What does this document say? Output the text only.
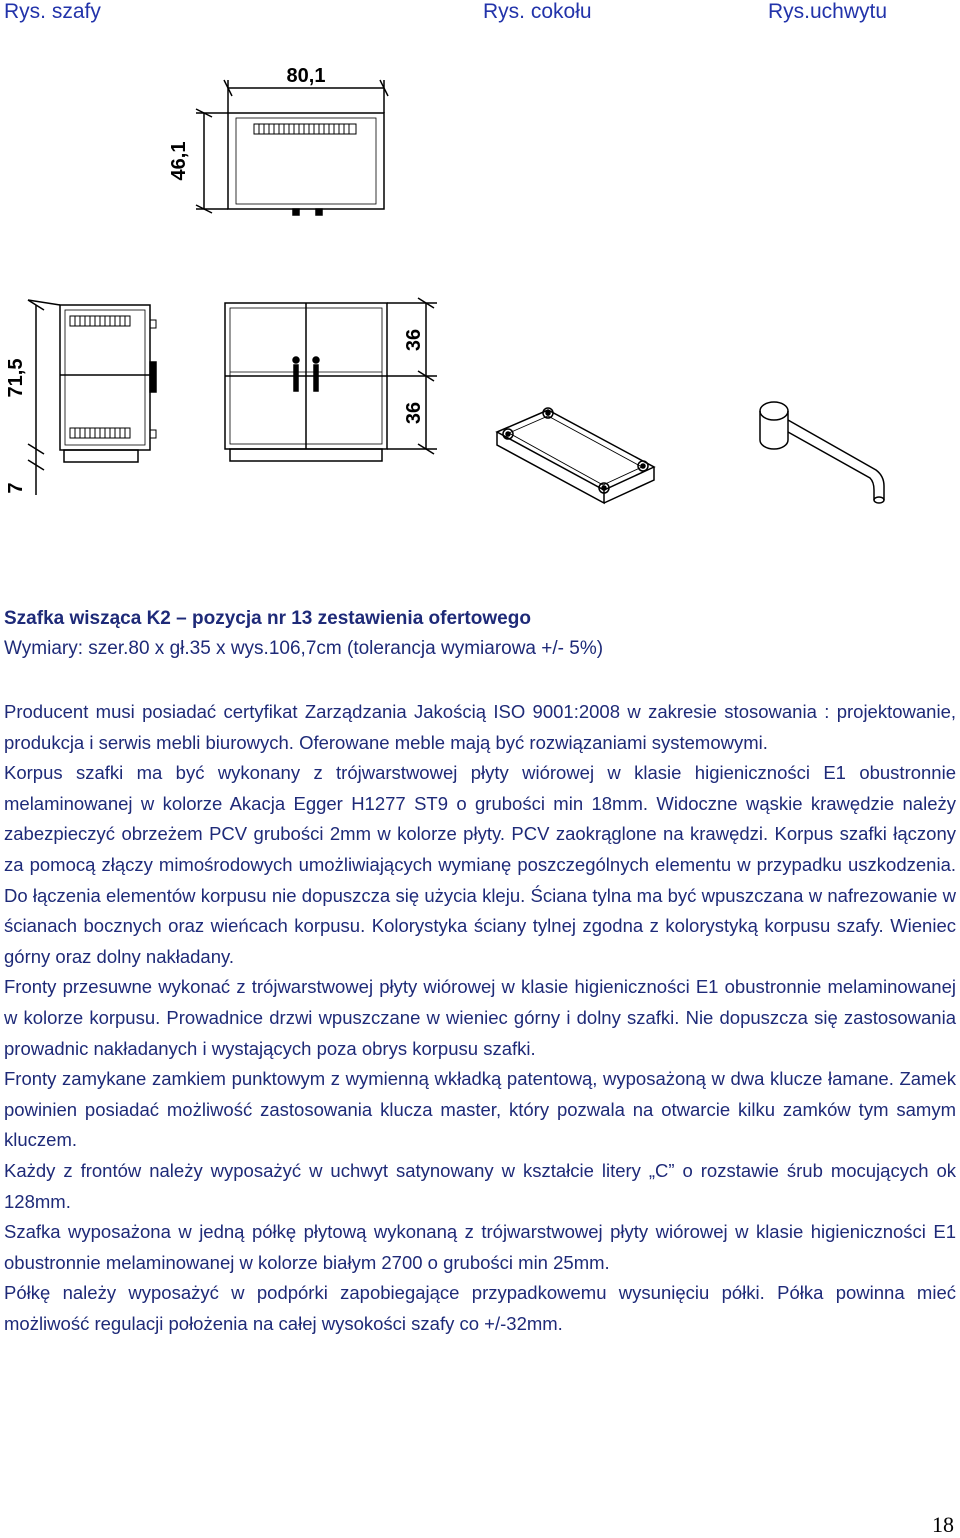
Rys. szafy	Rys. cokołu	Rys.uchwytu
80,1
46,1
71,5
7
36
36
Szafka wisząca K2 – pozycja nr 13 zestawienia ofertowego
Wymiary: szer.80 x gł.35 x wys.106,7cm (tolerancja wymiarowa +/- 5%)

Producent musi posiadać certyfikat Zarządzania Jakością ISO 9001:2008 w zakresie stosowania : projektowanie, produkcja i serwis mebli biurowych. Oferowane meble mają być rozwiązaniami systemowymi.

Korpus szafki ma być wykonany z trójwarstwowej płyty wiórowej w klasie higieniczności E1 obustronnie melaminowanej w kolorze Akacja Egger H1277 ST9 o grubości min 18mm. Widoczne wąskie krawędzie należy zabezpieczyć obrzeżem PCV grubości 2mm w kolorze płyty. PCV zaokrąglone na krawędzi. Korpus szafki łączony za pomocą złączy mimośrodowych umożliwiających wymianę poszczególnych elementu w przypadku uszkodzenia. Do łączenia elementów korpusu nie dopuszcza się użycia kleju. Ściana tylna ma być wpuszczana w nafrezowanie w ścianach bocznych oraz wieńcach korpusu. Kolorystyka ściany tylnej zgodna z kolorystyką korpusu szafy. Wieniec górny oraz dolny nakładany.

Fronty przesuwne wykonać z trójwarstwowej płyty wiórowej w klasie higieniczności E1 obustronnie melaminowanej w kolorze korpusu. Prowadnice drzwi wpuszczane w wieniec górny i dolny szafki. Nie dopuszcza się zastosowania prowadnic nakładanych i wystających poza obrys korpusu szafki.

Fronty zamykane zamkiem punktowym z wymienną wkładką patentową, wyposażoną w dwa klucze łamane. Zamek powinien posiadać możliwość zastosowania klucza master, który pozwala na otwarcie kilku zamków tym samym kluczem.

Każdy z frontów należy wyposażyć w uchwyt satynowany w kształcie litery „C” o rozstawie śrub mocujących ok 128mm.

Szafka wyposażona w jedną półkę płytową wykonaną z trójwarstwowej płyty wiórowej w klasie higieniczności E1 obustronnie melaminowanej w kolorze białym 2700 o grubości min 25mm.

Półkę należy wyposażyć w podpórki zapobiegające przypadkowemu wysunięciu półki. Półka powinna mieć możliwość regulacji położenia na całej wysokości szafy co +/-32mm.

18
